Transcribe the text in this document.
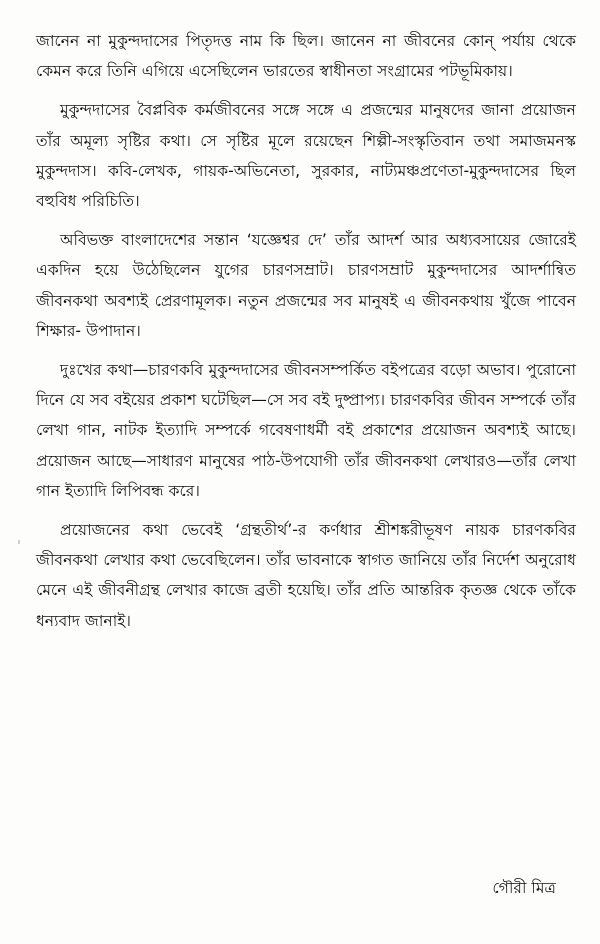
জানেন না মুকুন্দদাসের পিতৃদত্ত নাম কি ছিল। জানেন না জীবনের কোন্‌ পর্যায় থেকে কেমন করে তিনি এগিয়ে এসেছিলেন ভারতের স্বাধীনতা সংগ্রামের পটভূমিকায়।

মুকুন্দদাসের বৈপ্লবিক কর্মজীবনের সঙ্গে সঙ্গে এ প্রজন্মের মানুষদের জানা প্রয়োজন তাঁর অমূল্য সৃষ্টির কথা। সে সৃষ্টির মূলে রয়েছেন শিল্পী-সংস্কৃতিবান তথা সমাজমনস্ক মুকুন্দদাস। কবি-লেখক, গায়ক-অভিনেতা, সুরকার, নাট্যমঞ্চপ্রণেতা-মুকুন্দদাসের ছিল বহুবিধ পরিচিতি।

অবিভক্ত বাংলাদেশের সন্তান ‘যজ্ঞেশ্বর দে’ তাঁর আদর্শ আর অধ্যবসায়ের জোরেই একদিন হয়ে উঠেছিলেন যুগের চারণসম্রাট। চারণসম্রাট মুকুন্দদাসের আদর্শান্বিত জীবনকথা অবশ্যই প্রেরণামূলক। নতুন প্রজন্মের সব মানুষই এ জীবনকথায় খুঁজে পাবেন শিক্ষার- উপাদান।

দুঃখের কথা—চারণকবি মুকুন্দদাসের জীবনসম্পর্কিত বইপত্রের বড়ো অভাব। পুরোনো দিনে যে সব বইয়ের প্রকাশ ঘটেছিল—সে সব বই দুষ্প্রাপ্য। চারণকবির জীবন সম্পর্কে তাঁর লেখা গান, নাটক ইত্যাদি সম্পর্কে গবেষণাধর্মী বই প্রকাশের প্রয়োজন অবশ্যই আছে। প্রয়োজন আছে—সাধারণ মানুষের পাঠ-উপযোগী তাঁর জীবনকথা লেখারও—তাঁর লেখা গান ইত্যাদি লিপিবন্ধ করে।

প্রয়োজনের কথা ভেবেই ‘গ্রন্থতীর্থ’-র কর্ণধার শ্রীশঙ্করীভূষণ নায়ক চারণকবির জীবনকথা লেখার কথা ভেবেছিলেন। তাঁর ভাবনাকে স্বাগত জানিয়ে তাঁর নির্দেশ অনুরোধ মেনে এই জীবনীগ্রন্থ লেখার কাজে ব্রতী হয়েছি। তাঁর প্রতি আন্তরিক কৃতজ্ঞ থেকে তাঁকে ধন্যবাদ জানাই।

গৌরী মিত্র
